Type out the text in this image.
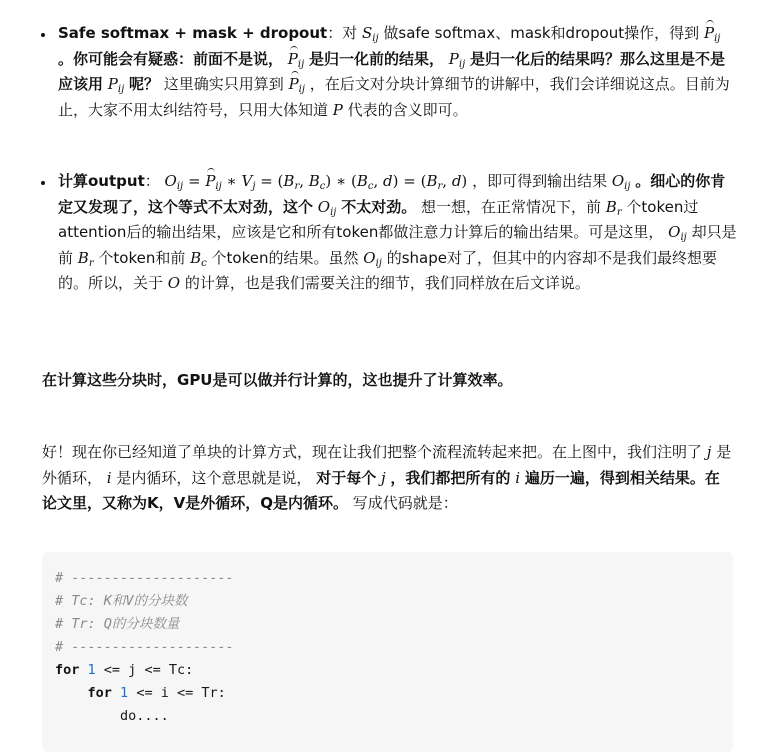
Safe softmax + mask + dropout：对 $S_{ij}$ 做safe softmax、mask和dropout操作，得到 $P_{ij}$ 。你可能会有疑惑：前面不是说， $P_{ij}$ 是归一化前的结果， $P_{ij}$ 是归一化后的结果吗？那么这里是不是应该用 $P_{ij}$ 呢？ 这里确实只用算到 $P_{ij}$ ，在后文对分块计算细节的讲解中，我们会详细说这点。目前为止，大家不用太纠结符号，只用大体知道 P 代表的含义即可。
计算output： $O_{ij} = P_{ij}$ ∗ $V_j = (B_r$, $B_c$) ∗ ($B_c$, $d) = (B_r$, d) ，即可得到输出结果 $O_{ij}$ 。细心的你肯定又发现了，这个等式不太对劲，这个 $O_{ij}$ 不太对劲。 想一想，在正常情况下，前 $B_r$ 个token过attention后的输出结果，应该是它和所有token都做注意力计算后的输出结果。可是这里， $O_{ij}$ 却只是前 $B_r$ 个token和前 $B_c$ 个token的结果。虽然 $O_{ij}$ 的shape对了，但其中的内容却不是我们最终想要的。所以，关于 O 的计算，也是我们需要关注的细节，我们同样放在后文详说。

在计算这些分块时，GPU是可以做并行计算的，这也提升了计算效率。

好！现在你已经知道了单块的计算方式，现在让我们把整个流程流转起来把。在上图中，我们注明了 j 是外循环， i 是内循环，这个意思就是说， 对于每个 j ，我们都把所有的 i 遍历一遍，得到相关结果。在论文里，又称为K，V是外循环，Q是内循环。 写成代码就是：

# --------------------
# Tc: K和V的分块数
# Tr: Q的分块数量
# --------------------
for 1 <= j <= Tc:
for 1 <= i <= Tr:
do....
